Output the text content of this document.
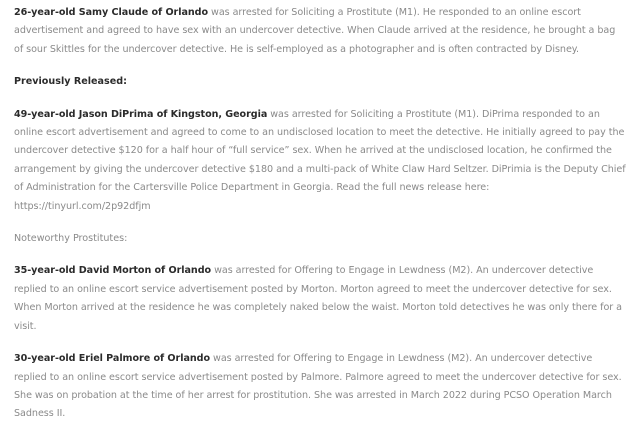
26-year-old Samy Claude of Orlando was arrested for Soliciting a Prostitute (M1). He responded to an online escort advertisement and agreed to have sex with an undercover detective. When Claude arrived at the residence, he brought a bag of sour Skittles for the undercover detective. He is self-employed as a photographer and is often contracted by Disney.

Previously Released:

49-year-old Jason DiPrima of Kingston, Georgia was arrested for Soliciting a Prostitute (M1). DiPrima responded to an online escort advertisement and agreed to come to an undisclosed location to meet the detective. He initially agreed to pay the undercover detective $120 for a half hour of “full service” sex. When he arrived at the undisclosed location, he confirmed the arrangement by giving the undercover detective $180 and a multi-pack of White Claw Hard Seltzer. DiPrimia is the Deputy Chief of Administration for the Cartersville Police Department in Georgia. Read the full news release here: https://tinyurl.com/2p92dfjm

Noteworthy Prostitutes:

35-year-old David Morton of Orlando was arrested for Offering to Engage in Lewdness (M2). An undercover detective replied to an online escort service advertisement posted by Morton. Morton agreed to meet the undercover detective for sex. When Morton arrived at the residence he was completely naked below the waist. Morton told detectives he was only there for a visit.

30-year-old Eriel Palmore of Orlando was arrested for Offering to Engage in Lewdness (M2). An undercover detective replied to an online escort service advertisement posted by Palmore. Palmore agreed to meet the undercover detective for sex. She was on probation at the time of her arrest for prostitution. She was arrested in March 2022 during PCSO Operation March Sadness II.
